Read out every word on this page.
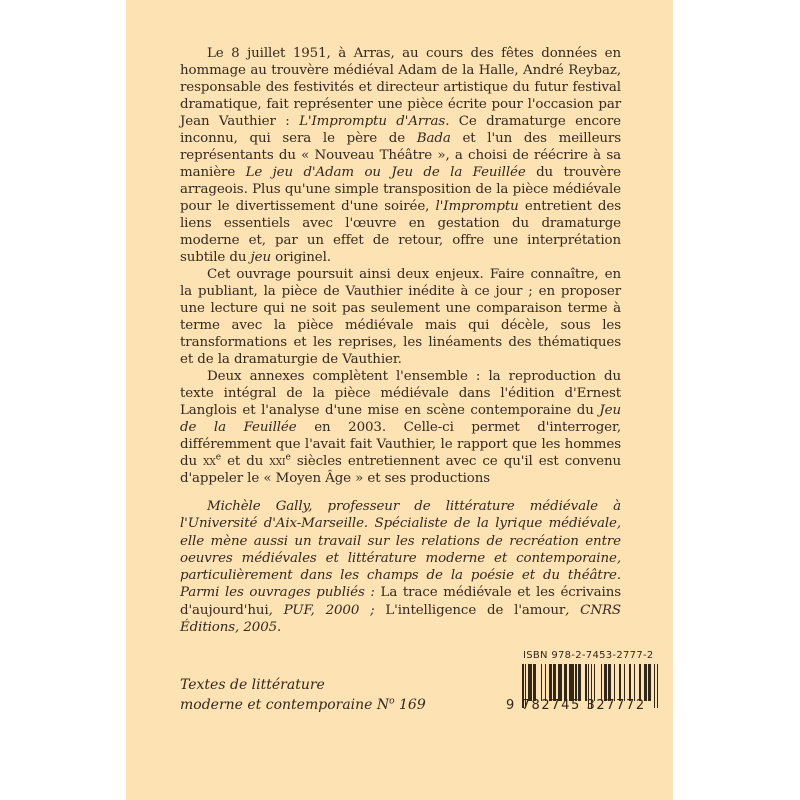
Le 8 juillet 1951, à Arras, au cours des fêtes données en hommage au trouvère médiéval Adam de la Halle, André Reybaz, responsable des festivités et directeur artistique du futur festival dramatique, fait représenter une pièce écrite pour l'occasion par Jean Vauthier : L'Impromptu d'Arras. Ce dramaturge encore inconnu, qui sera le père de Bada et l'un des meilleurs représentants du « Nouveau Théâtre », a choisi de réécrire à sa manière Le jeu d'Adam ou Jeu de la Feuillée du trouvère arrageois. Plus qu'une simple transposition de la pièce médiévale pour le divertissement d'une soirée, l'Impromptu entretient des liens essentiels avec l'œuvre en gestation du dramaturge moderne et, par un effet de retour, offre une interprétation subtile du jeu originel.

Cet ouvrage poursuit ainsi deux enjeux. Faire connaître, en la publiant, la pièce de Vauthier inédite à ce jour ; en proposer une lecture qui ne soit pas seulement une comparaison terme à terme avec la pièce médiévale mais qui décèle, sous les transformations et les reprises, les linéaments des thématiques et de la dramaturgie de Vauthier.

Deux annexes complètent l'ensemble : la reproduction du texte intégral de la pièce médiévale dans l'édition d'Ernest Langlois et l'analyse d'une mise en scène contemporaine du Jeu de la Feuillée en 2003. Celle-ci permet d'interroger, différemment que l'avait fait Vauthier, le rapport que les hommes du $xx^e$ et du xxi$^e$ siècles entretiennent avec ce qu'il est convenu d'appeler le « Moyen Âge » et ses productions

Michèle Gally, professeur de littérature médiévale à l'Université d'Aix-Marseille. Spécialiste de la lyrique médiévale, elle mène aussi un travail sur les relations de recréation entre oeuvres médiévales et littérature moderne et contemporaine, particulièrement dans les champs de la poésie et du théâtre. Parmi les ouvrages publiés : La trace médiévale et les écrivains d'aujourd'hui, PUF, 2000 ; L'intelligence de l'amour, CNRS Éditions, 2005.

Textes de littérature
moderne et contemporaine $N^o$ 169
ISBN 978-2-7453-2777-2
9 782745 327772
